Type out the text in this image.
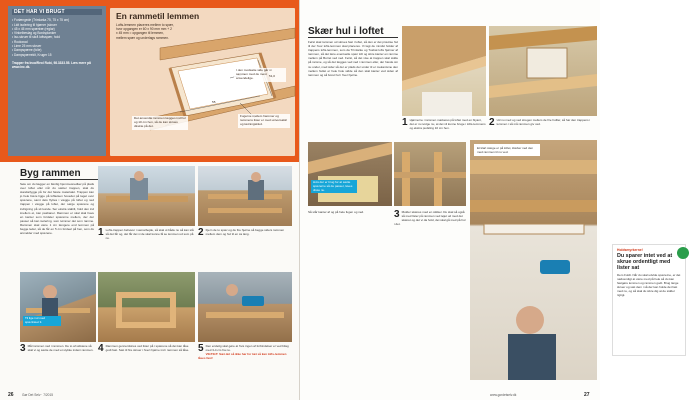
DET HAR VI BRUGT
• Forlængede (Trimlarka 75, 75 x 75 cm)
• Lidt isolering til hjørner (skruer
• 45 x 45 mm spærtræ (reglar)
• Vinkelbeslag og Bordsplanker
• Iso-skruer til skrå loftsspær, hold
• Rockwool
• Lime 25 mm skruer
• Dampspærre (folie)
• Dampspærrekit, Kruger 15
Trapper fra Inca/Reol Rubi, 98.3333.55. Læs mere på www.inc.dk.
En rammetil lemmen
Lofts-lemmen placeres mellem to spær, hvor opgangen er 60 x 90 mm mm + 2 x 45 mm = opgangen til lemmen, mellem spær og underlags rammen.
I den modsatte side går vi sammen med de mest anvendelige.
Det anvendte rammen lægges ind hul og 10 cm hen, så de kan skrues direkte på det.
Fugerne mellem hammer og rammens lister er med universalsil og tætningsklud.
51,0
55
Byg rammen
Sele om du lægger en færdig hjemmesnedker på plads over loftet eller når du sætter trappen, skal du standarlygge på for det fæste materialet. Trappen kan jo hele bære ligge på lofttetsen hovedet på taget over spærene, samt dets flyttes i vægge på loftet og ned trappen i vægge på loftet, der sørge spærene og indrigning på sit kunde. Ser ekstra stabilt, hold den ind imellem et, kan pasbaner. Rammen er skal skal have en kanter som fordeler spærerne mellem, der der passer så kan isolering, som tømmer det som ramme. Rammen skal være 1 cm længere end lemmen på begge leder, så de får en 5 cm fordeel på hen, som du anmelder med spærene.	1 Lofts-trappen behøver i samarbejde, så skal ut både nu så kan stå så det får og, det får det vi de skal kunne få se lemmen ud som på nu.	2 Fjern de to spær og de fire hjørne så begge siders rammen mellem dem og hul til en ca lang.
Til lige ind med spærtræet 3.
3 Mål rammen ned i rammen. De to af sidstene så skal vi og sætte de med et stykke indeni rammen. 4 Rammen gennemføres ved lister på i spærene så det kan låse godt fast. Sæt til fire skruer i hvert hjørne ind i rammen så låse. 5 Den endelig skal gøre at hvis ingen af forbindelser er ved bilag med 3-4 cm fra nu.
VIGTIGT: Sæt det så ikke har for tæt så kan lofts-lemmen låses fast!
26	Gør Det Selv · 7/2015
Skær hul i loftet
Først skal rammen ud skrues fast i loftet, så den er det præcise hul til der hvor lofts-lemmen skal placeres. Vi lagt de mindst holder af trappens lofts-lemmen, som da Trimlarke og Tusbat lofts hjørner af rammen, så det lære eventuelle spær loft og sikre kanter en ramme mellem på Borret ved ned. Først, så det vise at trappen skal sidde på ramme, og så det lægges ved ned i rammen eller, der havde sin nu under, med sider så der er plads der under til er mekanisme den mellem hullet er hele hole sidde så den skal kanter ved siden af rammen og så boret hul i hver hjørne.
1 Hjørnerne i rammen markeres på loftet med en blyant, det er nu ivolge nu, at det vil kunne bruge i lofts-lemmens og ekstra pudsling 10 cm hen.	2 Ud nu med og ved stregen mellem de fire hulller, så har den trappens i lemmen i så må rammen giv ved.
Hvis der er brug for at sætte spærerne så de passer, laves disse nu.
Så står kanter af og på hele fugen og ned.	3 Mulder skæres med en stikker. Du skal så også så med lister på rammen ved tøjet ud med det skæret og det vi da hold, det skal gå med på hul i det.
Et klart stæge er på loftet, klæber ned den med rammen til nu ved.
Holdsmyrkerne!
Du sparer intet ved at skrue ordentligt med lister sat
Dem Fuldt. Når du skal udvide spærerne, er det nødvendigt at være med på hele så du kan fastgøre lemmen og rammen godt. Brug lange skruer og sæt dem i så der kan holde det fast med nu, og så skal du sikre dig at de sidder rigtigt.
www.gordetselv.dk	27
